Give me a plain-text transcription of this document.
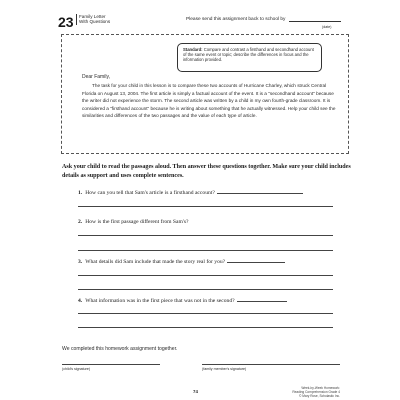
23 Family Letter
With Questions	Please send this assignment back to school by
(date)
Standard: Compare and contrast a firsthand and secondhand account of the same event or topic; describe the differences in focus and the information provided.
Dear Family,
The task for your child in this lesson is to compare these two accounts of Hurricane Charley, which struck Central Florida on August 13, 2004. The first article is simply a factual account of the event. It is a "secondhand account" because the writer did not experience the storm. The second article was written by a child in my own fourth-grade classroom. It is considered a "firsthand account" because he is writing about something that he actually witnessed. Help your child see the similarities and differences of the two passages and the value of each type of article.
Ask your child to read the passages aloud. Then answer these questions together. Make sure your child includes details as support and uses complete sentences.
1. How can you tell that Sam's article is a firsthand account?
2. How is the first passage different from Sam's?
3. What details did Sam include that made the story real for you?
4. What information was in the first piece that was not in the second?
We completed this homework assignment together.
(child's signature)	(family member's signature)
74
Week-by-Week Homework: Reading Comprehension Grade 4
© Mary Rose, Scholastic Inc.
